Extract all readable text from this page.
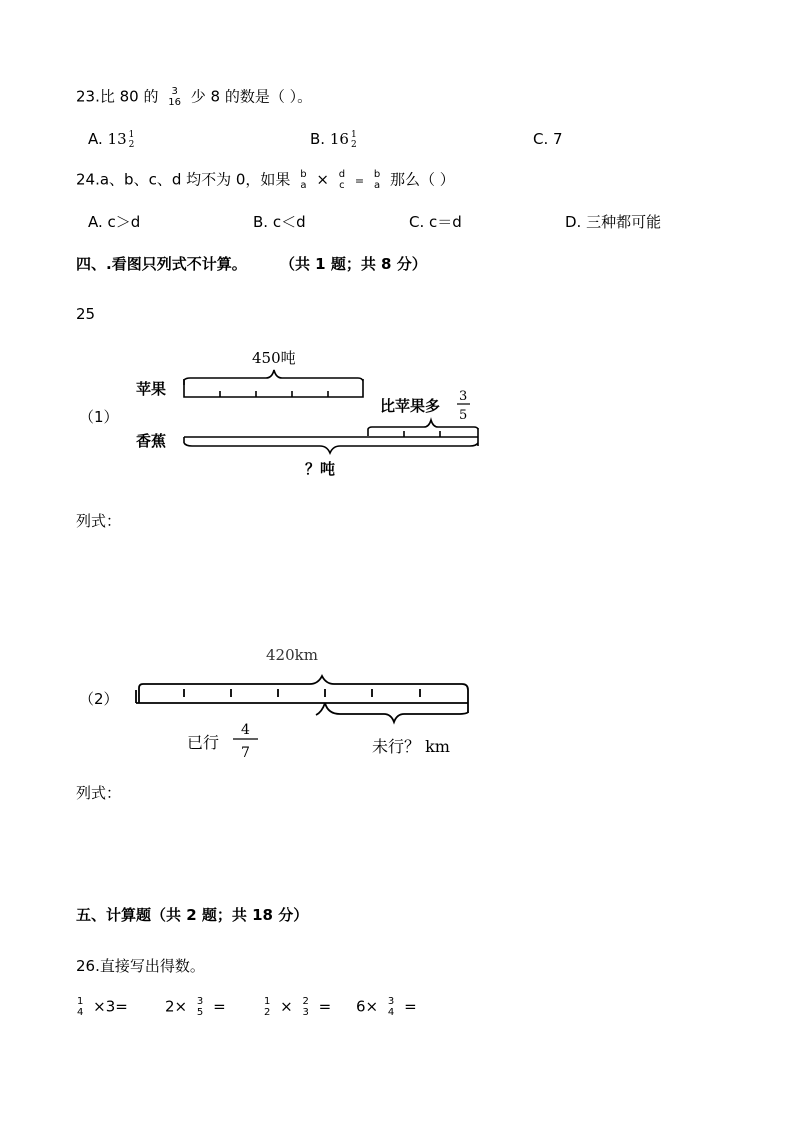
23.比 80 的 3
16 少 8 的数是（ ）。
A. 13 1
2	B. 16 1
2	C. 7
24.a、b、c、d 均不为 0，如果 b
a × d
c = b
a 那么（ ）
A. c＞d	B. c＜d	C. c＝d	D. 三种都可能
四、.看图只列式不计算。 （共 1 题；共 8 分）
25
（1）
450吨
苹果
香蕉
比苹果多
3
5
？吨
列式：
（2）
420km
已行
4
7	未行？ km
列式：
五、计算题（共 2 题；共 18 分）
26.直接写出得数。
1
4 ×3= 2× 3
5 =	1
2 × 2
3 = 6× 3
4 =
